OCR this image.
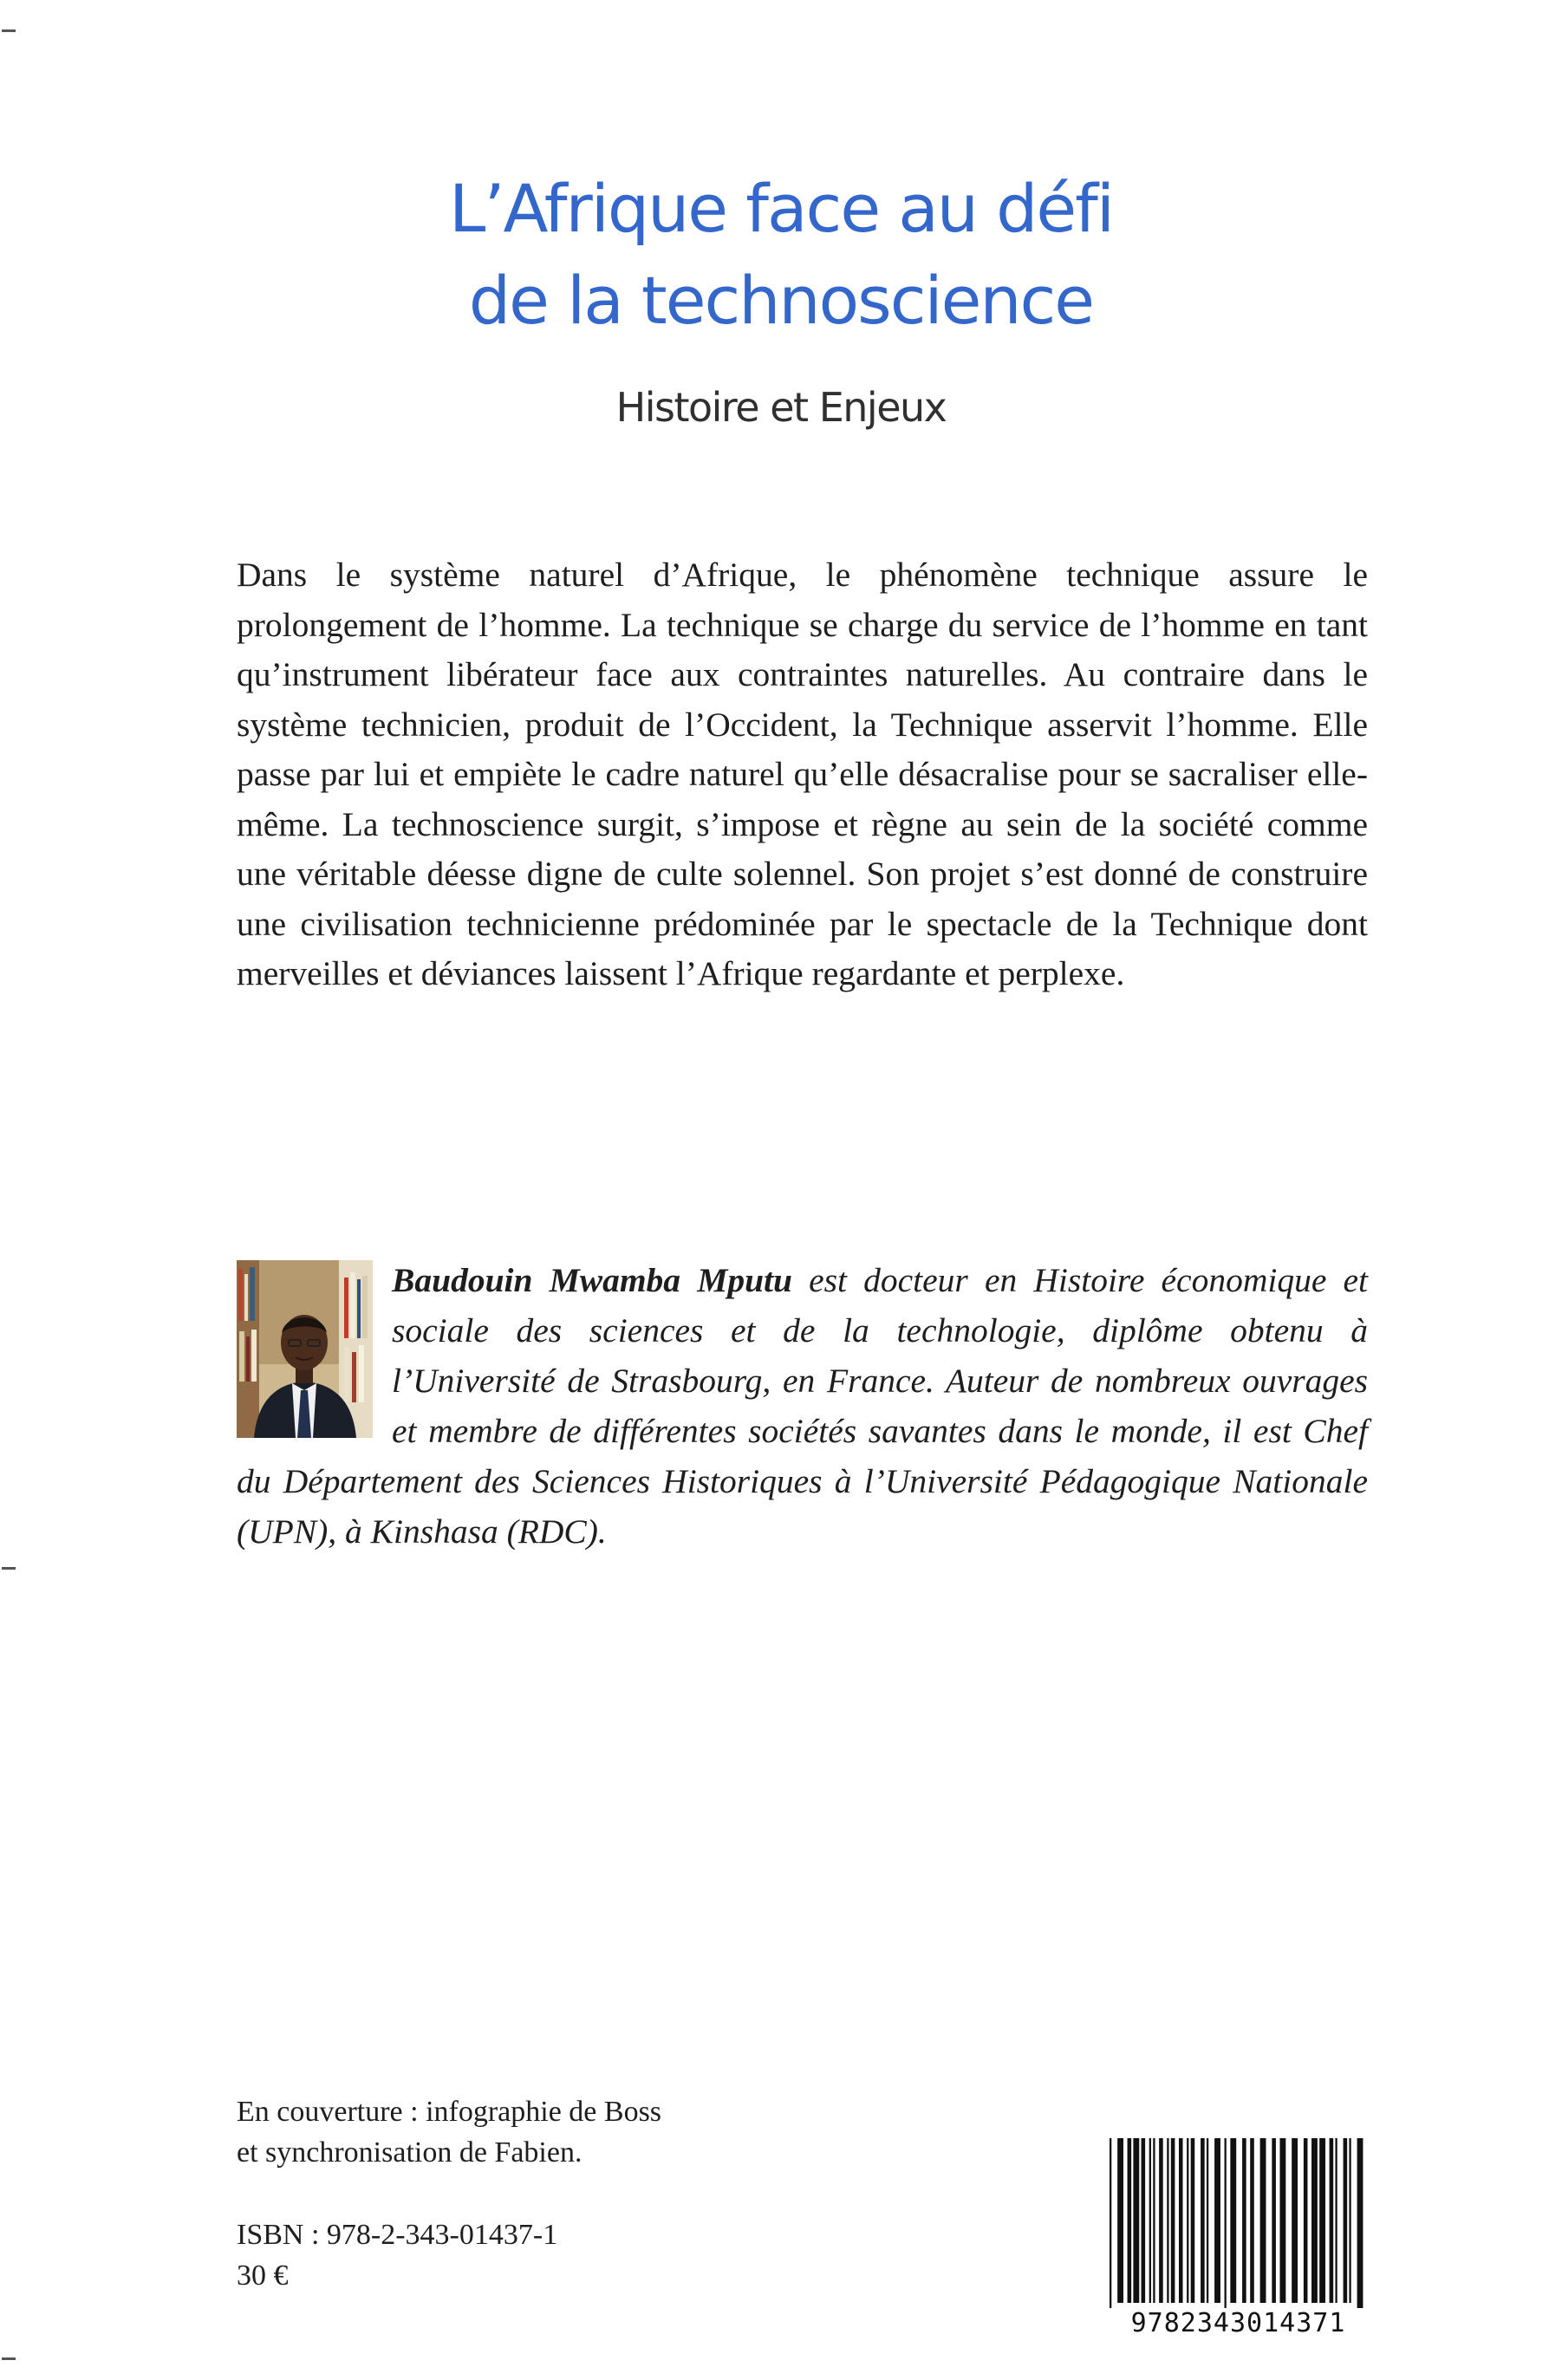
L’Afrique face au défi
de la technoscience
Histoire et Enjeux

Dans le système naturel d’Afrique, le phénomène technique assure le prolongement de l’homme. La technique se charge du service de l’homme en tant qu’instrument libérateur face aux contraintes naturelles. Au contraire dans le système technicien, produit de l’Occident, la Technique asservit l’homme. Elle passe par lui et empiète le cadre naturel qu’elle désacralise pour se sacraliser elle-même. La technoscience surgit, s’impose et règne au sein de la société comme une véritable déesse digne de culte solennel. Son projet s’est donné de construire une civilisation technicienne prédominée par le spectacle de la Technique dont merveilles et déviances laissent l’Afrique regardante et perplexe.

Baudouin Mwamba Mputu est docteur en Histoire économique et sociale des sciences et de la technologie, diplôme obtenu à l’Université de Strasbourg, en France. Auteur de nombreux ouvrages et membre de différentes sociétés savantes dans le monde, il est Chef du Département des Sciences Historiques à l’Université Pédagogique Nationale (UPN), à Kinshasa (RDC).
En couverture : infographie de Boss
et synchronisation de Fabien.
ISBN : 978-2-343-01437-1
30 €
9782343014371
